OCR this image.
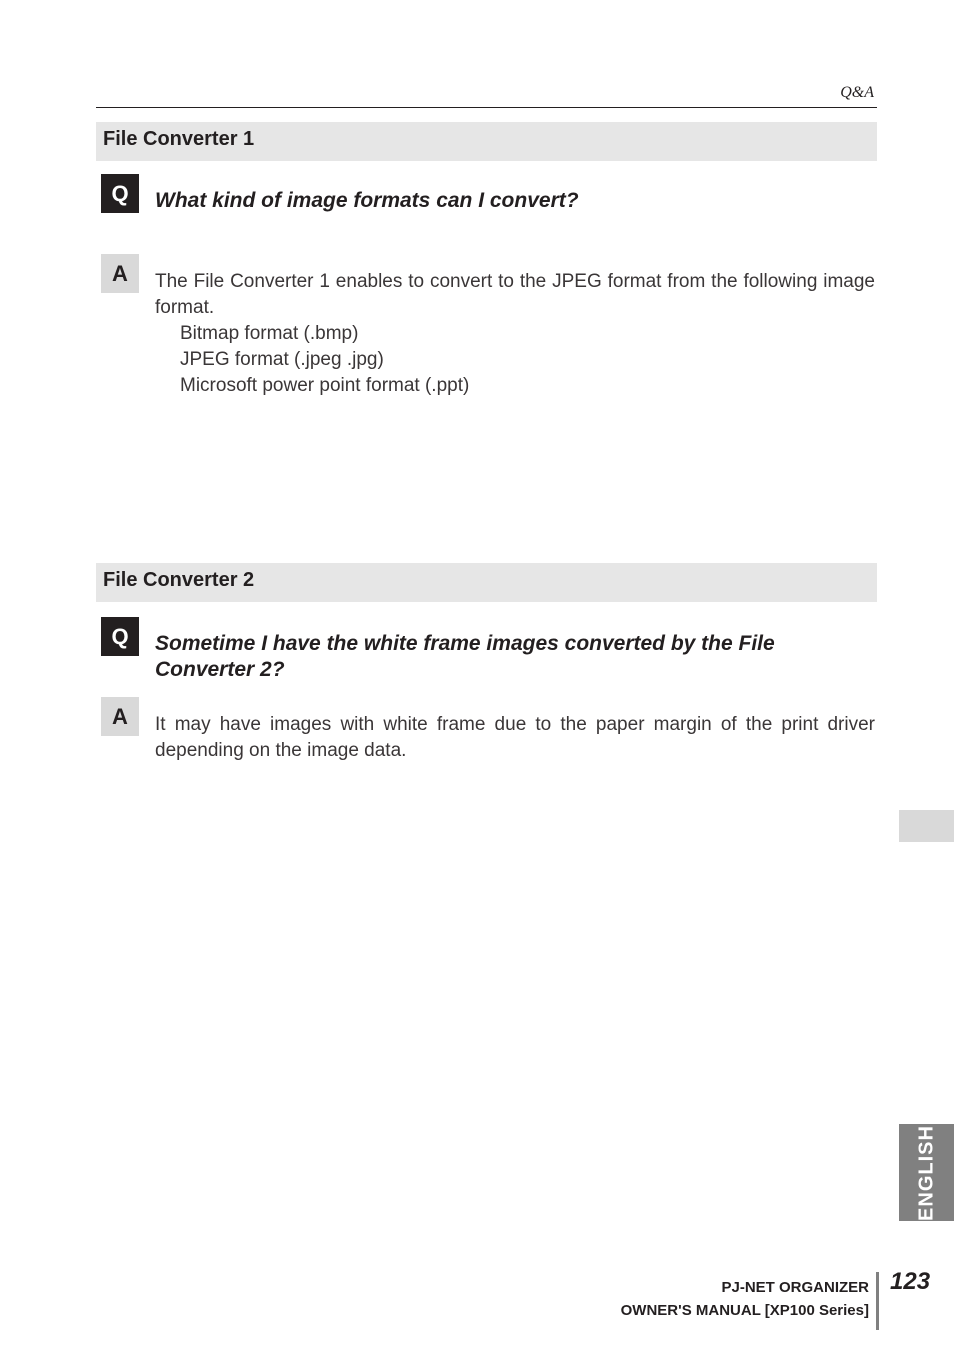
Q&A
File Converter 1
Q	What kind of image formats can I convert?
A	The File Converter 1 enables to convert to the JPEG format from the following image format.
Bitmap format (.bmp)
JPEG format (.jpeg .jpg)
Microsoft power point format (.ppt)
File Converter 2
Q	Sometime I have the white frame images converted by the File Converter 2?
A	It may have images with white frame due to the paper margin of the print driver depending on the image data.
ENGLISH
PJ-NET ORGANIZER
OWNER'S MANUAL [XP100 Series]
123
